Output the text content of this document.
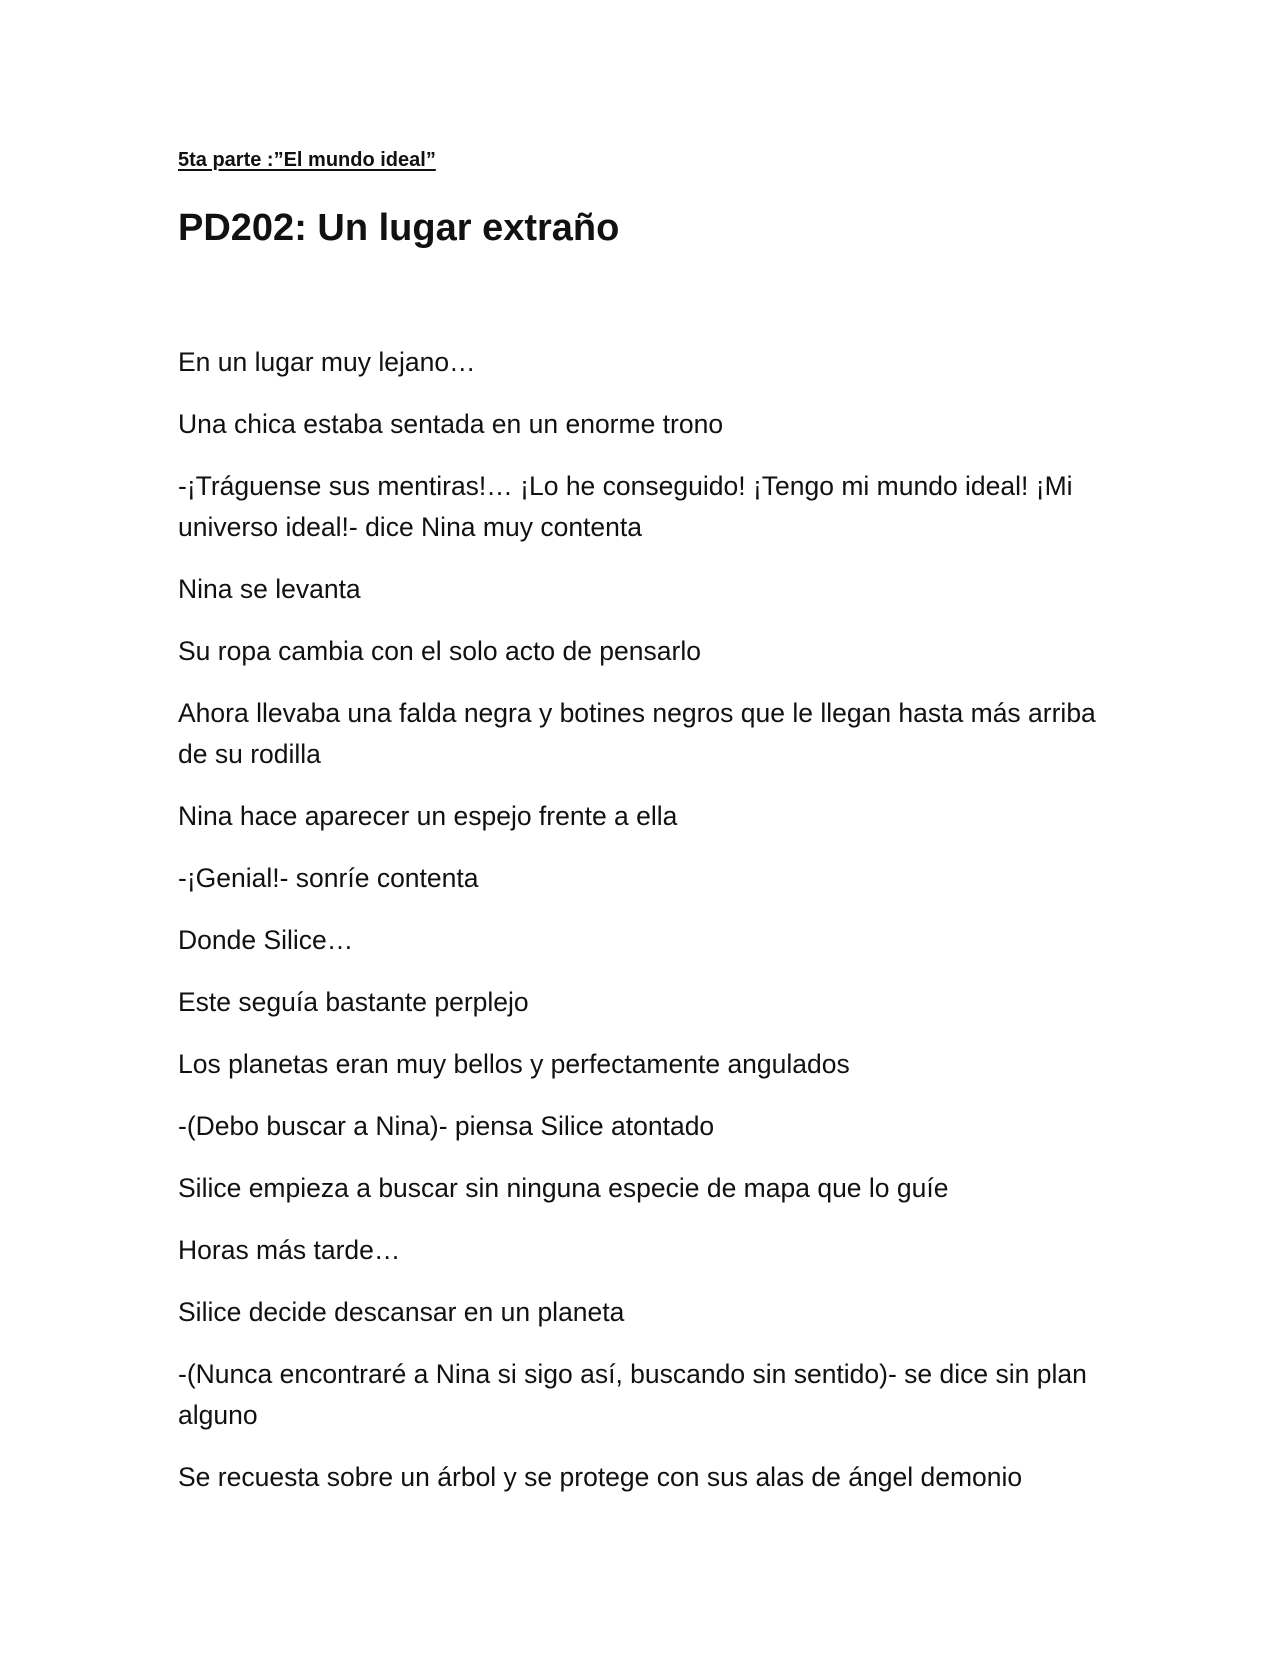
5ta parte :”El mundo ideal”
PD202: Un lugar extraño

En un lugar muy lejano…

Una chica estaba sentada en un enorme trono

-¡Tráguense sus mentiras!… ¡Lo he conseguido! ¡Tengo mi mundo ideal! ¡Mi universo ideal!- dice Nina muy contenta

Nina se levanta

Su ropa cambia con el solo acto de pensarlo

Ahora llevaba una falda negra y botines negros que le llegan hasta más arriba de su rodilla

Nina hace aparecer un espejo frente a ella

-¡Genial!- sonríe contenta

Donde Silice…

Este seguía bastante perplejo

Los planetas eran muy bellos y perfectamente angulados

-(Debo buscar a Nina)- piensa Silice atontado

Silice empieza a buscar sin ninguna especie de mapa que lo guíe

Horas más tarde…

Silice decide descansar en un planeta

-(Nunca encontraré a Nina si sigo así, buscando sin sentido)- se dice sin plan alguno

Se recuesta sobre un árbol y se protege con sus alas de ángel demonio
